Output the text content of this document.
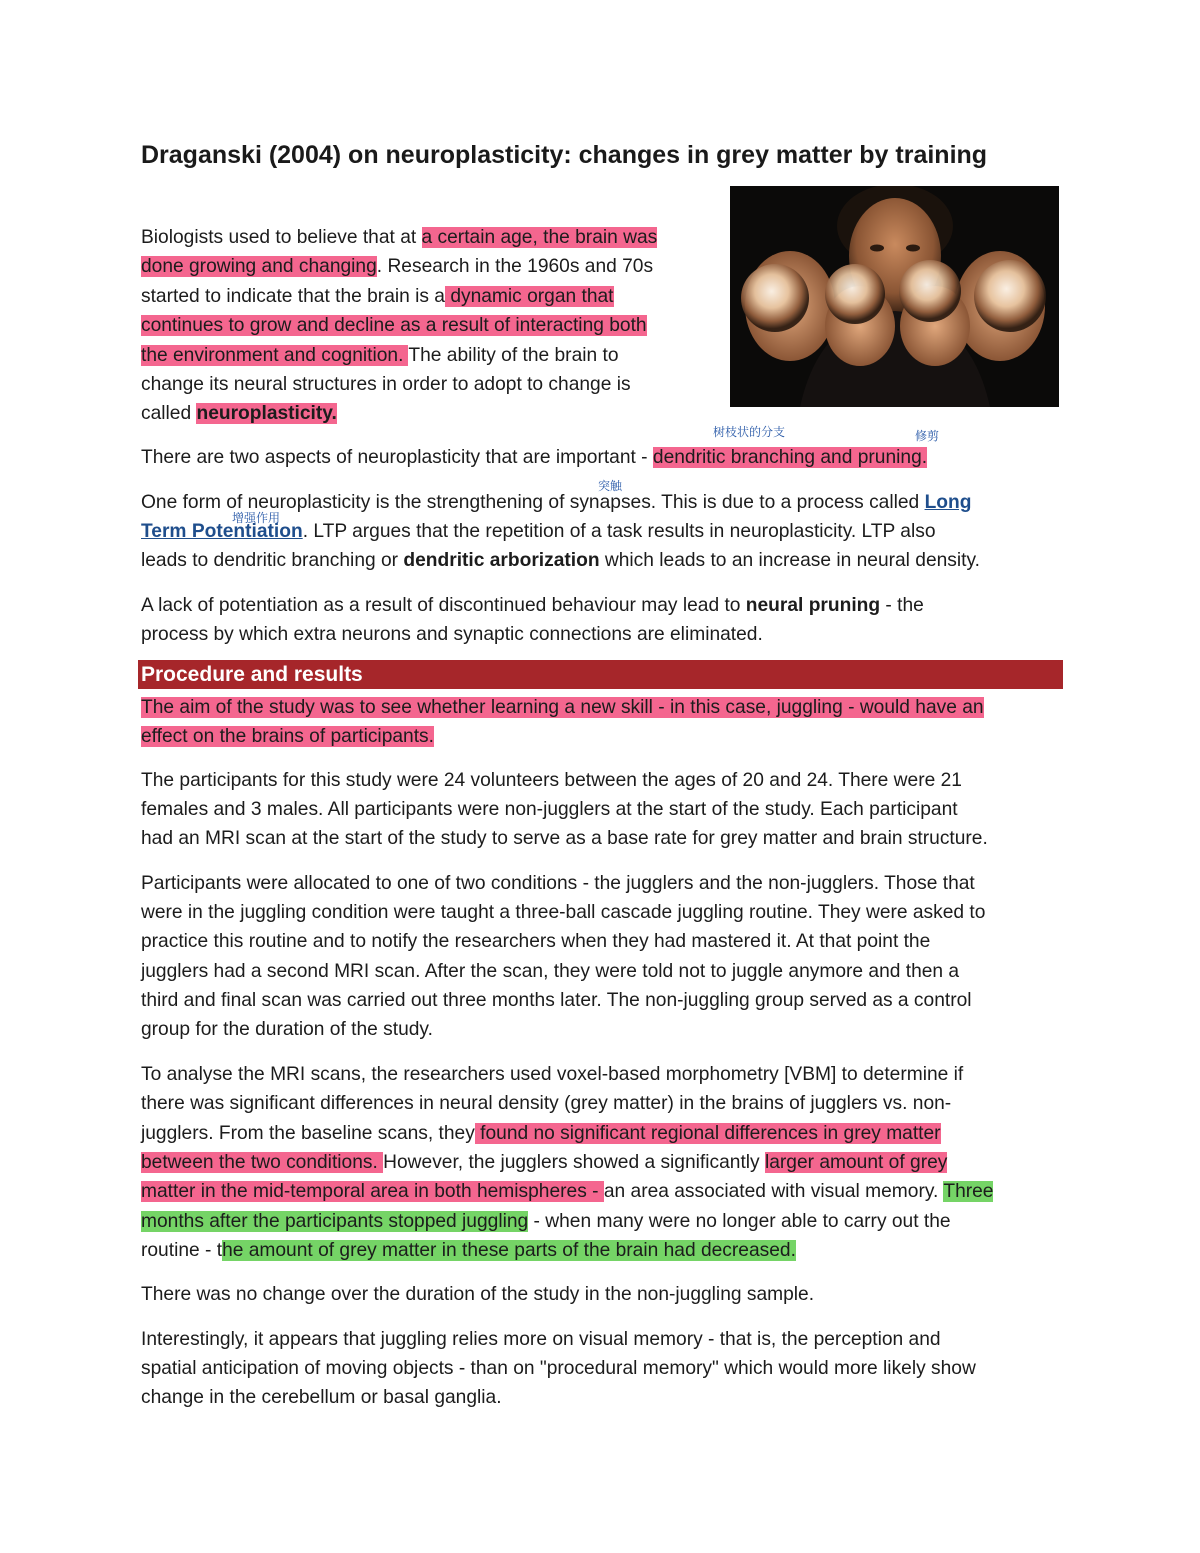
Draganski (2004) on neuroplasticity: changes in grey matter by training

Biologists used to believe that at a certain age, the brain was

done growing and changing. Research in the 1960s and 70s

started to indicate that the brain is a dynamic organ that

continues to grow and decline as a result of interacting both

the environment and cognition. The ability of the brain to

change its neural structures in order to adopt to change is

called neuroplasticity.

树枝状的分支	修剪
突触
增强作用

There are two aspects of neuroplasticity that are important - dendritic branching and pruning.

One form of neuroplasticity is the strengthening of synapses. This is due to a process called Long

Term Potentiation. LTP argues that the repetition of a task results in neuroplasticity. LTP also

leads to dendritic branching or dendritic arborization which leads to an increase in neural density.

A lack of potentiation as a result of discontinued behaviour may lead to neural pruning - the

process by which extra neurons and synaptic connections are eliminated.

Procedure and results

The aim of the study was to see whether learning a new skill - in this case, juggling - would have an

effect on the brains of participants.

The participants for this study were 24 volunteers between the ages of 20 and 24. There were 21

females and 3 males. All participants were non-jugglers at the start of the study. Each participant

had an MRI scan at the start of the study to serve as a base rate for grey matter and brain structure.

Participants were allocated to one of two conditions - the jugglers and the non-jugglers. Those that

were in the juggling condition were taught a three-ball cascade juggling routine. They were asked to

practice this routine and to notify the researchers when they had mastered it. At that point the

jugglers had a second MRI scan. After the scan, they were told not to juggle anymore and then a

third and final scan was carried out three months later. The non-juggling group served as a control

group for the duration of the study.

To analyse the MRI scans, the researchers used voxel-based morphometry [VBM] to determine if

there was significant differences in neural density (grey matter) in the brains of jugglers vs. non-

jugglers. From the baseline scans, they found no significant regional differences in grey matter

between the two conditions. However, the jugglers showed a significantly larger amount of grey

matter in the mid-temporal area in both hemispheres - an area associated with visual memory. Three

months after the participants stopped juggling - when many were no longer able to carry out the

routine - the amount of grey matter in these parts of the brain had decreased.

There was no change over the duration of the study in the non-juggling sample.

Interestingly, it appears that juggling relies more on visual memory - that is, the perception and

spatial anticipation of moving objects - than on "procedural memory" which would more likely show

change in the cerebellum or basal ganglia.
